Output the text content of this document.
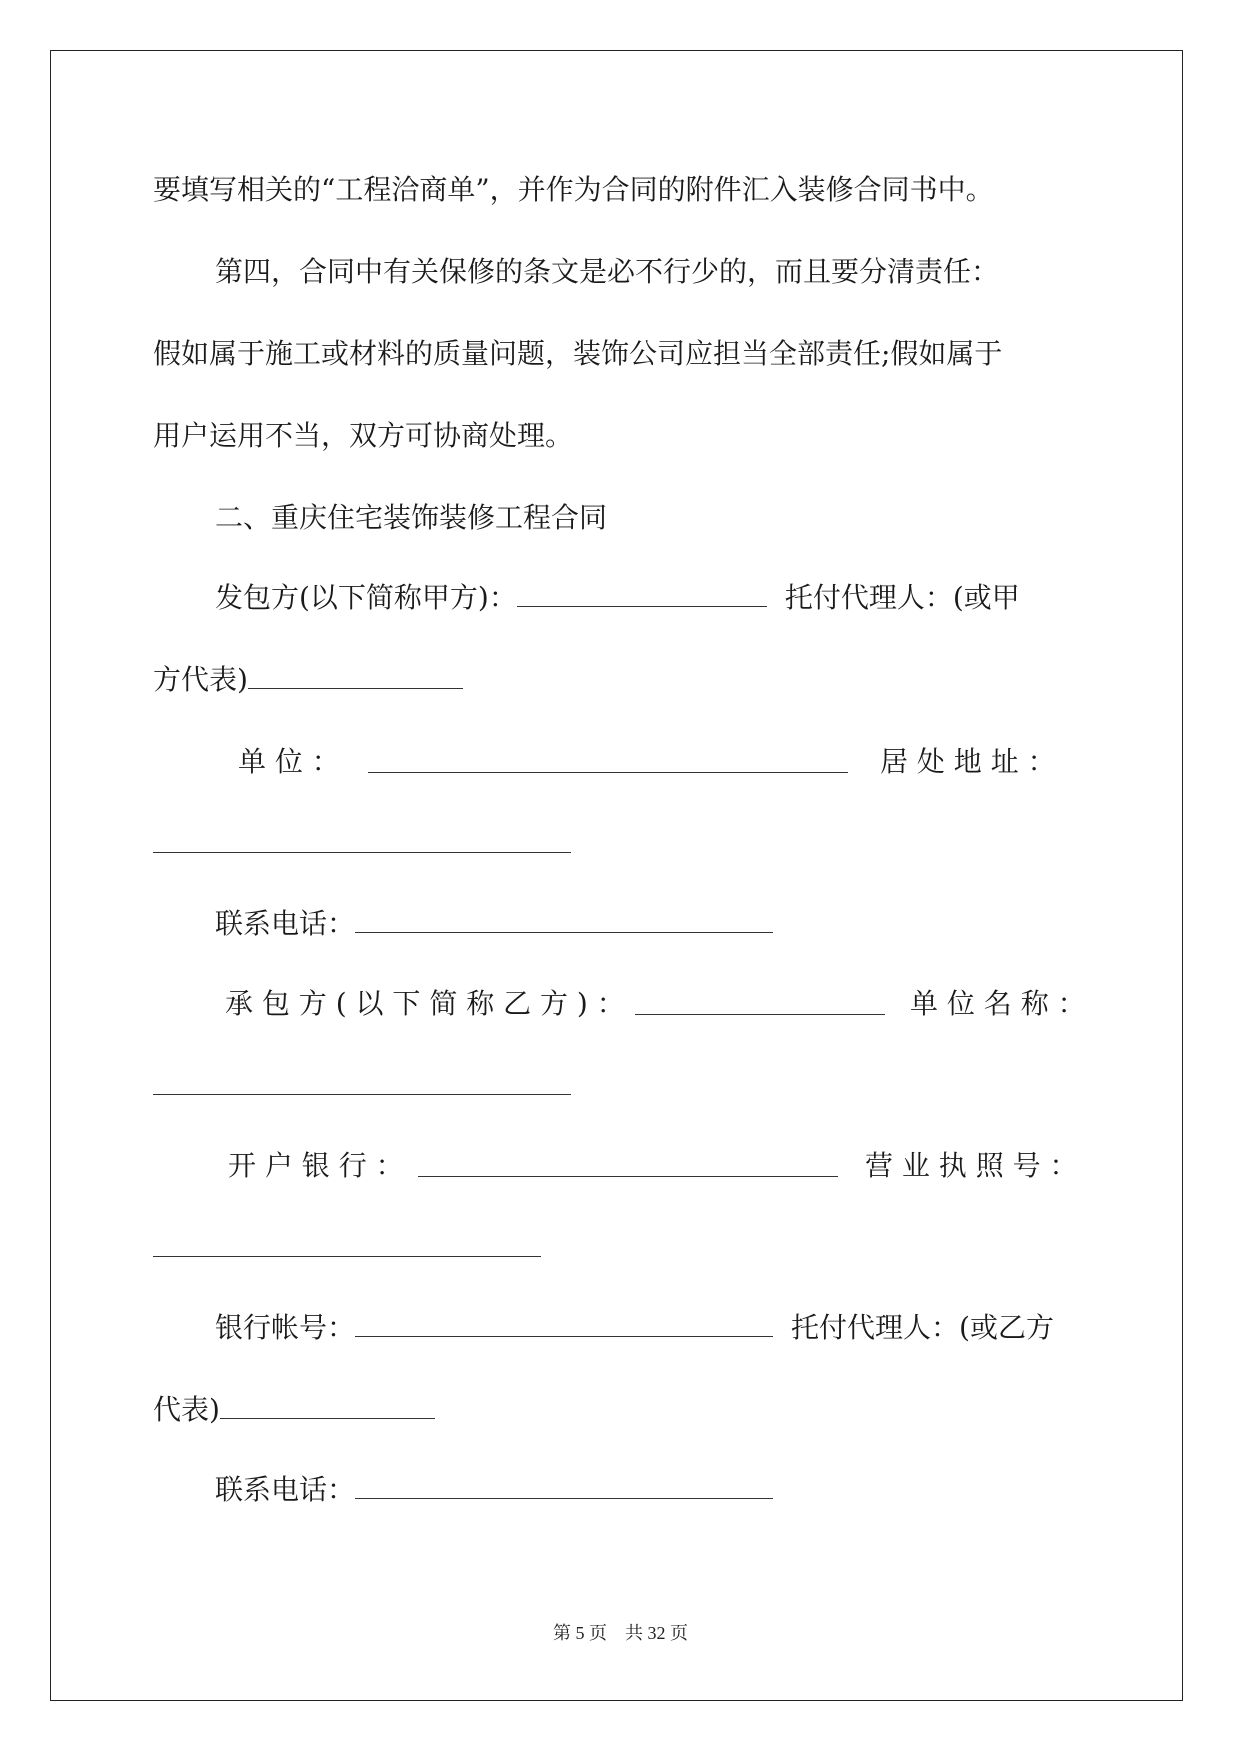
要填写相关的“工程洽商单”，并作为合同的附件汇入装修合同书中。
第四，合同中有关保修的条文是必不行少的，而且要分清责任：
假如属于施工或材料的质量问题，装饰公司应担当全部责任;假如属于
用户运用不当，双方可协商处理。
二、重庆住宅装饰装修工程合同
发包方(以下简称甲方)：	托付代理人：(或甲
方代表)
单 位 ：	居 处 地 址 ：
联系电话：
承 包 方 ( 以 下 简 称 乙 方 ) ：	单 位 名 称 ：
开 户 银 行 ：	营 业 执 照 号 ：
银行帐号：	托付代理人：(或乙方
代表)
联系电话：
第 5 页　共 32 页
